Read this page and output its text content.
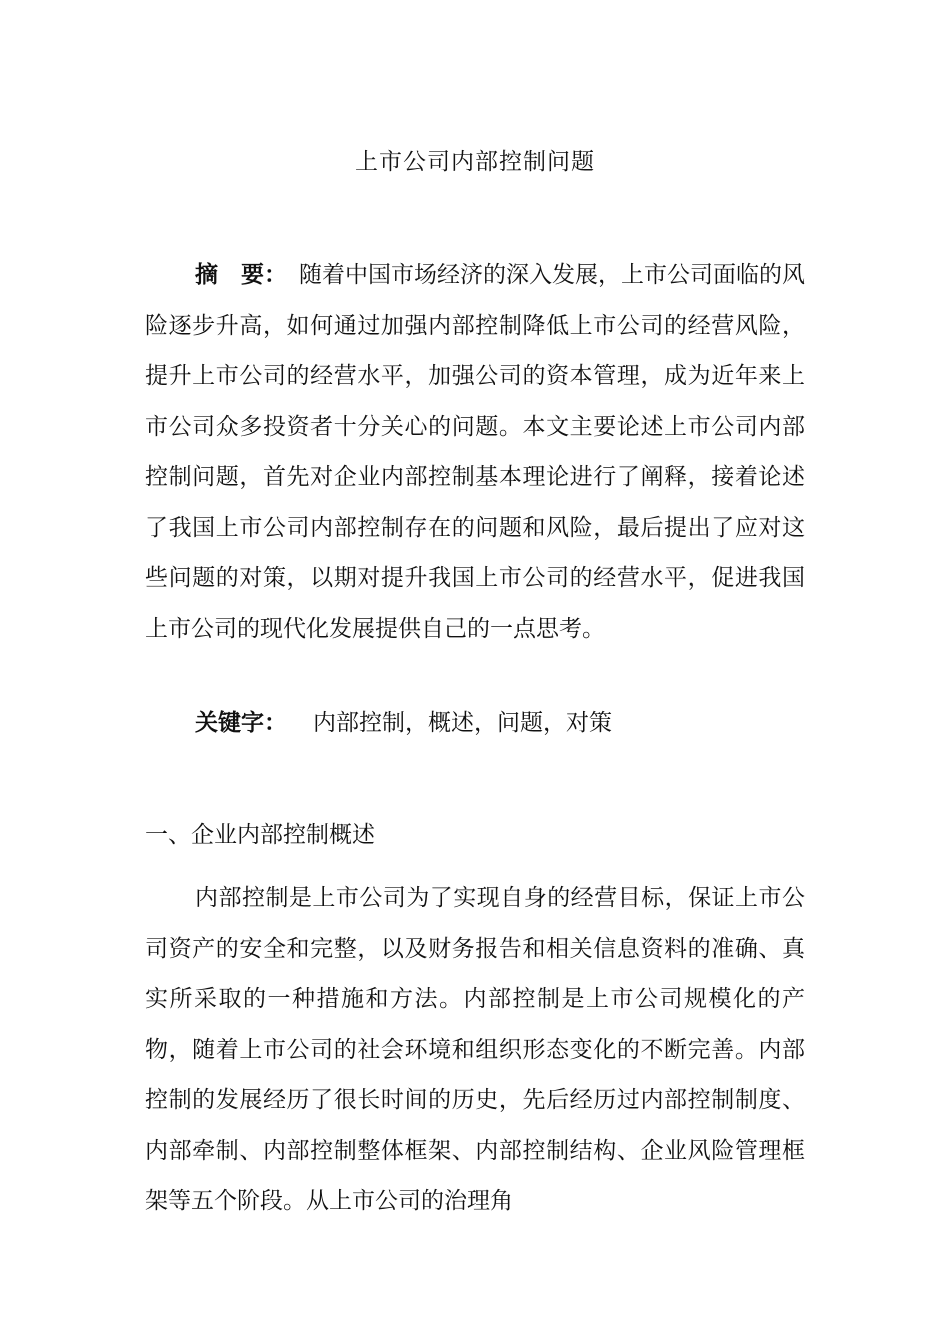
上市公司内部控制问题

摘　要： 随着中国市场经济的深入发展，上市公司面临的风险逐步升高，如何通过加强内部控制降低上市公司的经营风险，提升上市公司的经营水平，加强公司的资本管理，成为近年来上市公司众多投资者十分关心的问题。本文主要论述上市公司内部控制问题，首先对企业内部控制基本理论进行了阐释，接着论述了我国上市公司内部控制存在的问题和风险，最后提出了应对这些问题的对策，以期对提升我国上市公司的经营水平，促进我国上市公司的现代化发展提供自己的一点思考。

关键字： 内部控制，概述，问题，对策
一、企业内部控制概述

内部控制是上市公司为了实现自身的经营目标，保证上市公司资产的安全和完整，以及财务报告和相关信息资料的准确、真实所采取的一种措施和方法。内部控制是上市公司规模化的产物，随着上市公司的社会环境和组织形态变化的不断完善。内部控制的发展经历了很长时间的历史，先后经历过内部控制制度、内部牵制、内部控制整体框架、内部控制结构、企业风险管理框架等五个阶段。从上市公司的治理角
